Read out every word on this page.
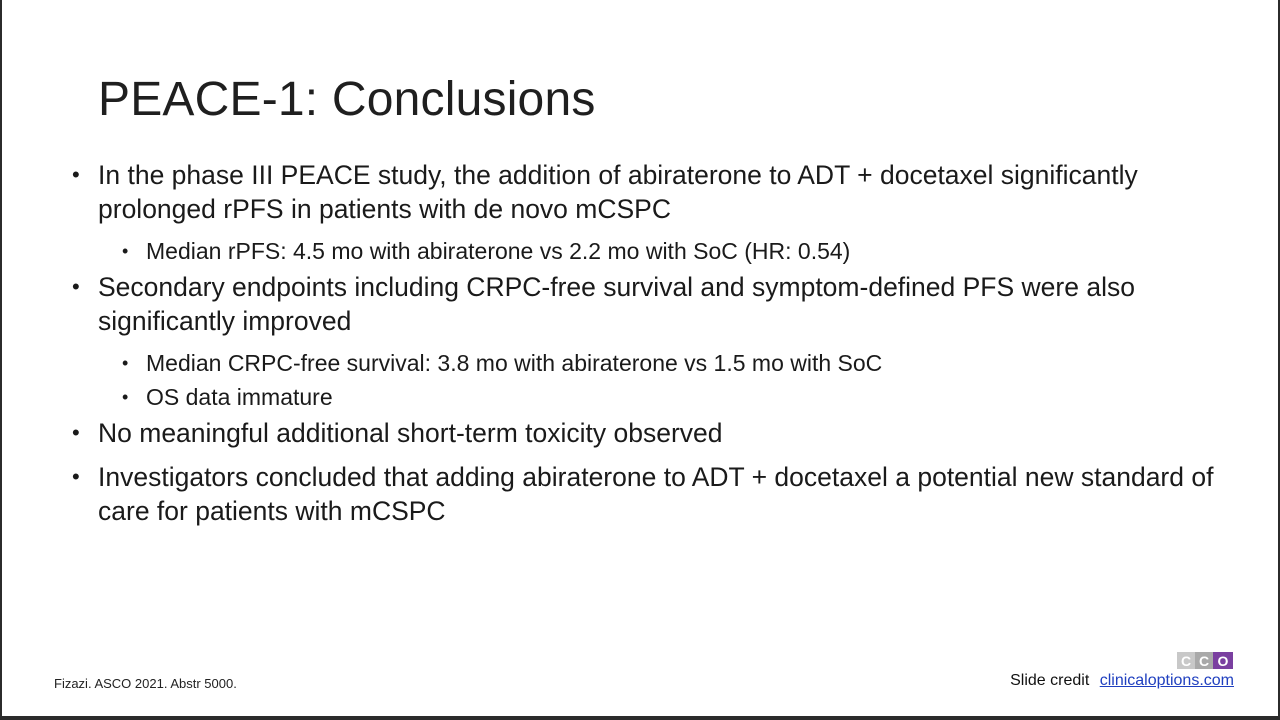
PEACE-1: Conclusions
• In the phase III PEACE study, the addition of abiraterone to ADT + docetaxel significantly prolonged rPFS in patients with de novo mCSPC
• Median rPFS: 4.5 mo with abiraterone vs 2.2 mo with SoC (HR: 0.54)
• Secondary endpoints including CRPC-free survival and symptom-defined PFS were also significantly improved
• Median CRPC-free survival: 3.8 mo with abiraterone vs 1.5 mo with SoC
• OS data immature
• No meaningful additional short-term toxicity observed
• Investigators concluded that adding abiraterone to ADT + docetaxel a potential new standard of care for patients with mCSPC
Fizazi. ASCO 2021. Abstr 5000.
C C O
Slide credit clinicaloptions.com
